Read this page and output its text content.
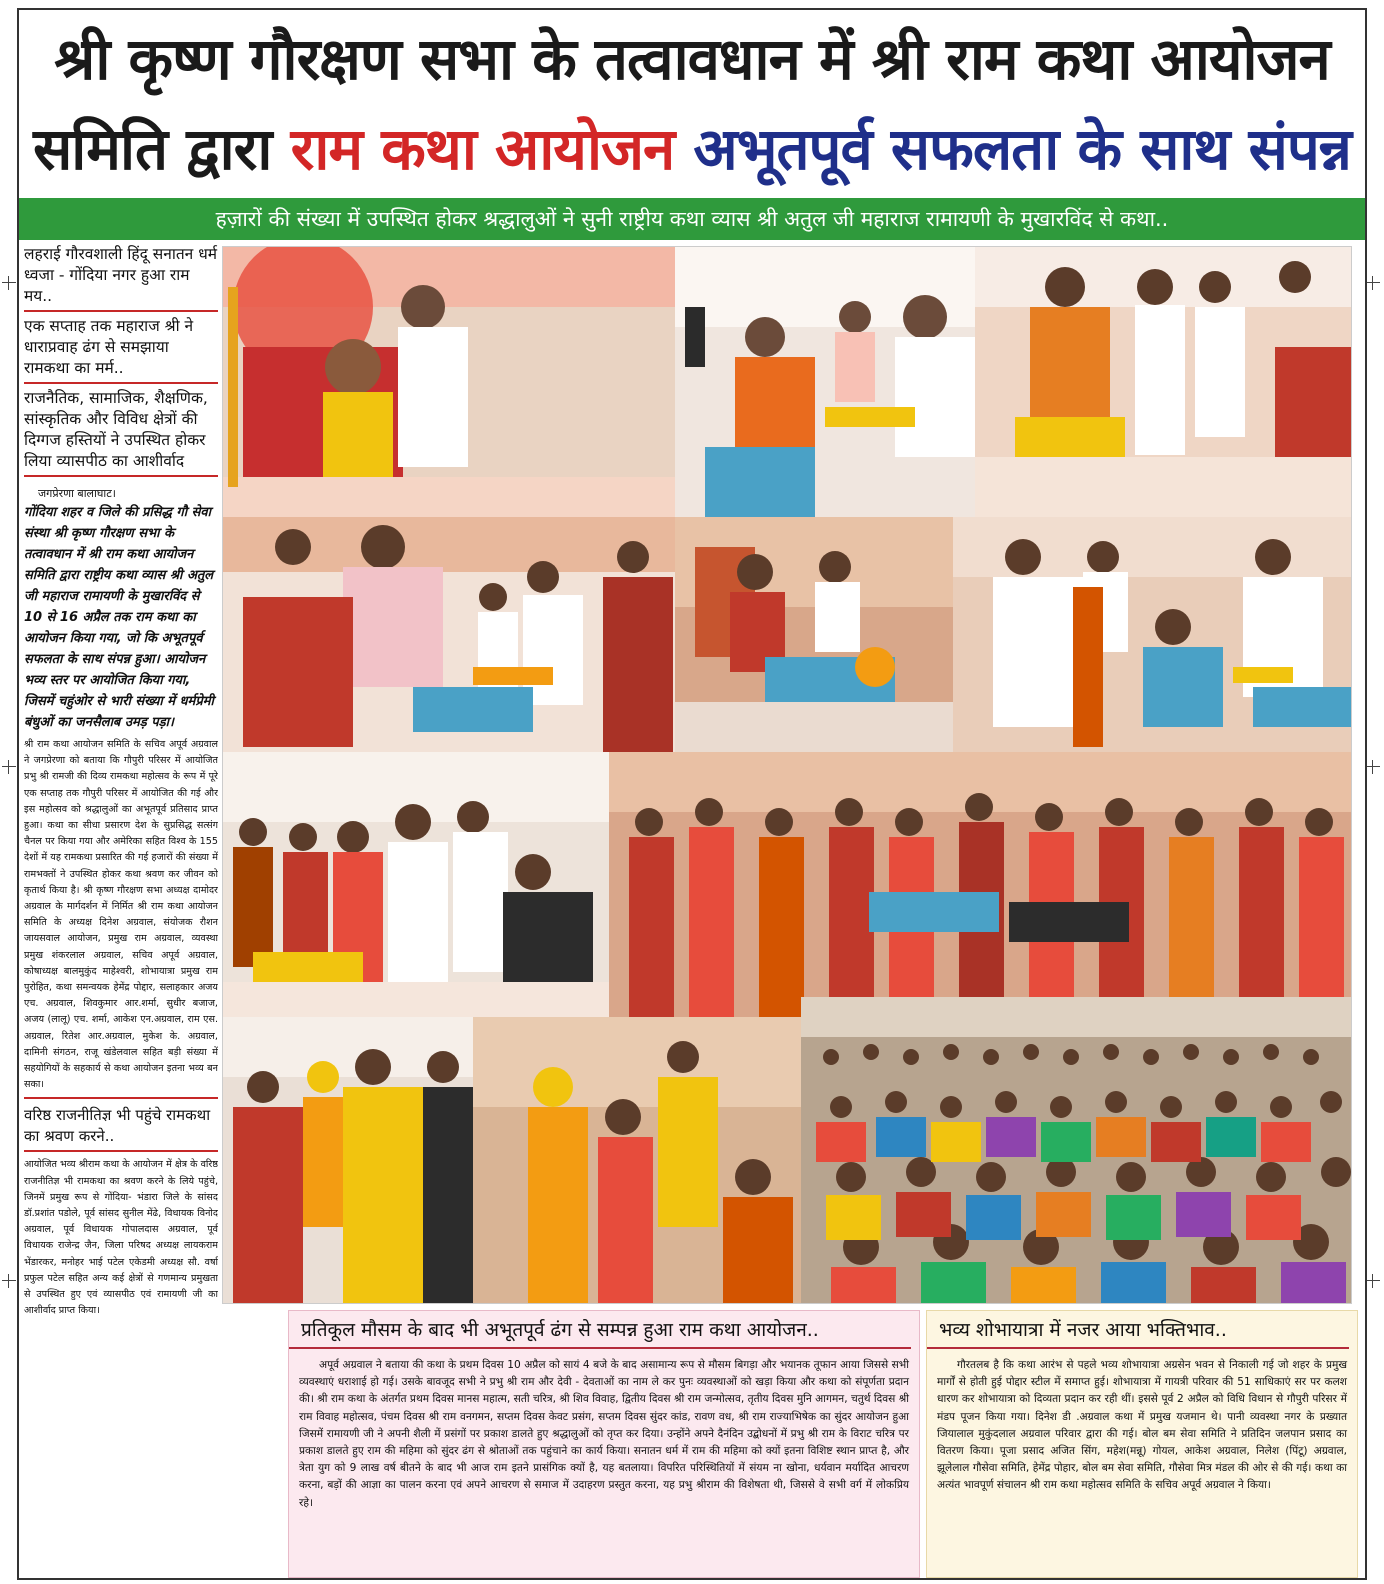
श्री कृष्ण गौरक्षण सभा के तत्वावधान में श्री राम कथा आयोजन
समिति द्वारा राम कथा आयोजन अभूतपूर्व सफलता के साथ संपन्न
हज़ारों की संख्या में उपस्थित होकर श्रद्धालुओं ने सुनी राष्ट्रीय कथा व्यास श्री अतुल जी महाराज रामायणी के मुखारविंद से कथा..
लहराई गौरवशाली हिंदू सनातन धर्म ध्वजा - गोंदिया नगर हुआ राम मय..
एक सप्ताह तक महाराज श्री ने धाराप्रवाह ढंग से समझाया रामकथा का मर्म..
राजनैतिक, सामाजिक, शैक्षणिक, सांस्कृतिक और विविध क्षेत्रों की दिग्गज हस्तियों ने उपस्थित होकर लिया व्यासपीठ का आशीर्वाद
जगप्रेरणा बालाघाट।
गोंदिया शहर व जिले की प्रसिद्ध गौ सेवा संस्था श्री कृष्ण गौरक्षण सभा के तत्वावधान में श्री राम कथा आयोजन समिति द्वारा राष्ट्रीय कथा व्यास श्री अतुल जी महाराज रामायणी के मुखारविंद से 10 से 16 अप्रैल तक राम कथा का आयोजन किया गया, जो कि अभूतपूर्व सफलता के साथ संपन्न हुआ। आयोजन भव्य स्तर पर आयोजित किया गया, जिसमें चहुंओर से भारी संख्या में धर्मप्रेमी बंधुओं का जनसैलाब उमड़ पड़ा।
श्री राम कथा आयोजन समिति के सचिव अपूर्व अग्रवाल ने जगप्रेरणा को बताया कि गौपुरी परिसर में आयोजित प्रभु श्री रामजी की दिव्य रामकथा महोत्सव के रूप में पूरे एक सप्ताह तक गौपुरी परिसर में आयोजित की गई और इस महोत्सव को श्रद्धालुओं का अभूतपूर्व प्रतिसाद प्राप्त हुआ। कथा का सीधा प्रसारण देश के सुप्रसिद्ध सत्संग चैनल पर किया गया और अमेरिका सहित विश्व के 155 देशों में यह रामकथा प्रसारित की गई हजारों की संख्या में रामभक्तों ने उपस्थित होकर कथा श्रवण कर जीवन को कृतार्थ किया है। श्री कृष्ण गौरक्षण सभा अध्यक्ष दामोदर अग्रवाल के मार्गदर्शन में निर्मित श्री राम कथा आयोजन समिति के अध्यक्ष दिनेश अग्रवाल, संयोजक रौशन जायसवाल आयोजन, प्रमुख राम अग्रवाल, व्यवस्था प्रमुख शंकरलाल अग्रवाल, सचिव अपूर्व अग्रवाल, कोषाध्यक्ष बालमुकुंद माहेश्वरी, शोभायात्रा प्रमुख राम पुरोहित, कथा समन्वयक हेमेंद्र पोद्दार, सलाहकार अजय एच. अग्रवाल, शिवकुमार आर.शर्मा, सुधीर बजाज, अजय (लालू) एच. शर्मा, आकेश एन.अग्रवाल, राम एस. अग्रवाल, रितेश आर.अग्रवाल, मुकेश के. अग्रवाल, दामिनी संगठन, राजू खंडेलवाल सहित बड़ी संख्या में सहयोगियों के सहकार्य से कथा आयोजन इतना भव्य बन सका।
वरिष्ठ राजनीतिज्ञ भी पहुंचे रामकथा का श्रवण करने..
आयोजित भव्य श्रीराम कथा के आयोजन में क्षेत्र के वरिष्ठ राजनीतिज्ञ भी रामकथा का श्रवण करने के लिये पहुंचे, जिनमें प्रमुख रूप से गोंदिया- भंडारा जिले के सांसद डॉ.प्रशांत पडोले, पूर्व सांसद सुनील मेंढे, विधायक विनोद अग्रवाल, पूर्व विधायक गोपालदास अग्रवाल, पूर्व विधायक राजेन्द्र जैन, जिला परिषद अध्यक्ष लायकराम भेंडारकर, मनोहर भाई पटेल एकेडमी अध्यक्ष सौ. वर्षा प्रफुल पटेल सहित अन्य कई क्षेत्रों से गणमान्य प्रमुखता से उपस्थित हुए एवं व्यासपीठ एवं रामायणी जी का आशीर्वाद प्राप्त किया।
प्रतिकूल मौसम के बाद भी अभूतपूर्व ढंग से सम्पन्न हुआ राम कथा आयोजन..
अपूर्व अग्रवाल ने बताया की कथा के प्रथम दिवस 10 अप्रैल को सायं 4 बजे के बाद असामान्य रूप से मौसम बिगड़ा और भयानक तूफान आया जिससे सभी व्यवस्थाएं धराशाई हो गई। उसके बावजूद सभी ने प्रभु श्री राम और देवी - देवताओं का नाम ले कर पुनः व्यवस्थाओं को खड़ा किया और कथा को संपूर्णता प्रदान की। श्री राम कथा के अंतर्गत प्रथम दिवस मानस महात्म, सती चरित्र, श्री शिव विवाह, द्वितीय दिवस श्री राम जन्मोत्सव, तृतीय दिवस मुनि आगमन, चतुर्थ दिवस श्री राम विवाह महोत्सव, पंचम दिवस श्री राम वनगमन, सप्तम दिवस केवट प्रसंग, सप्तम दिवस सुंदर कांड, रावण वध, श्री राम राज्याभिषेक का सुंदर आयोजन हुआ जिसमें रामायणी जी ने अपनी शैली में प्रसंगों पर प्रकाश डालते हुए श्रद्धालुओं को तृप्त कर दिया। उन्होंने अपने दैनंदिन उद्बोधनों में प्रभु श्री राम के विराट चरित्र पर प्रकाश डालते हुए राम की महिमा को सुंदर ढंग से श्रोताओं तक पहुंचाने का कार्य किया। सनातन धर्म में राम की महिमा को क्यों इतना विशिष्ट स्थान प्राप्त है, और त्रेता युग को 9 लाख वर्ष बीतने के बाद भी आज राम इतने प्रासंगिक क्यों है, यह बतलाया। विपरित परिस्थितियों में संयम ना खोना, धर्यवान मर्यादित आचरण करना, बड़ों की आज्ञा का पालन करना एवं अपने आचरण से समाज में उदाहरण प्रस्तुत करना, यह प्रभु श्रीराम की विशेषता थी, जिससे वे सभी वर्ग में लोकप्रिय रहे।
भव्य शोभायात्रा में नजर आया भक्तिभाव..
गौरतलब है कि कथा आरंभ से पहले भव्य शोभायात्रा अग्रसेन भवन से निकाली गई जो शहर के प्रमुख मार्गों से होती हुई पोद्दार स्टील में समाप्त हुई। शोभायात्रा में गायत्री परिवार की 51 साधिकाएं सर पर कलश धारण कर शोभायात्रा को दिव्यता प्रदान कर रही थीं। इससे पूर्व 2 अप्रैल को विधि विधान से गौपुरी परिसर में मंडप पूजन किया गया। दिनेश डी .अग्रवाल कथा में प्रमुख यजमान थे। पानी व्यवस्था नगर के प्रख्यात जियालाल मुकुंदलाल अग्रवाल परिवार द्वारा की गई। बोल बम सेवा समिति ने प्रतिदिन जलपान प्रसाद का वितरण किया। पूजा प्रसाद अजित सिंग, महेश(मन्नू) गोयल, आकेश अग्रवाल, निलेश (पिंटू) अग्रवाल, झूलेलाल गौसेवा समिति, हेमेंद्र पोहार, बोल बम सेवा समिति, गौसेवा मित्र मंडल की ओर से की गई। कथा का अत्यंत भावपूर्ण संचालन श्री राम कथा महोत्सव समिति के सचिव अपूर्व अग्रवाल ने किया।
